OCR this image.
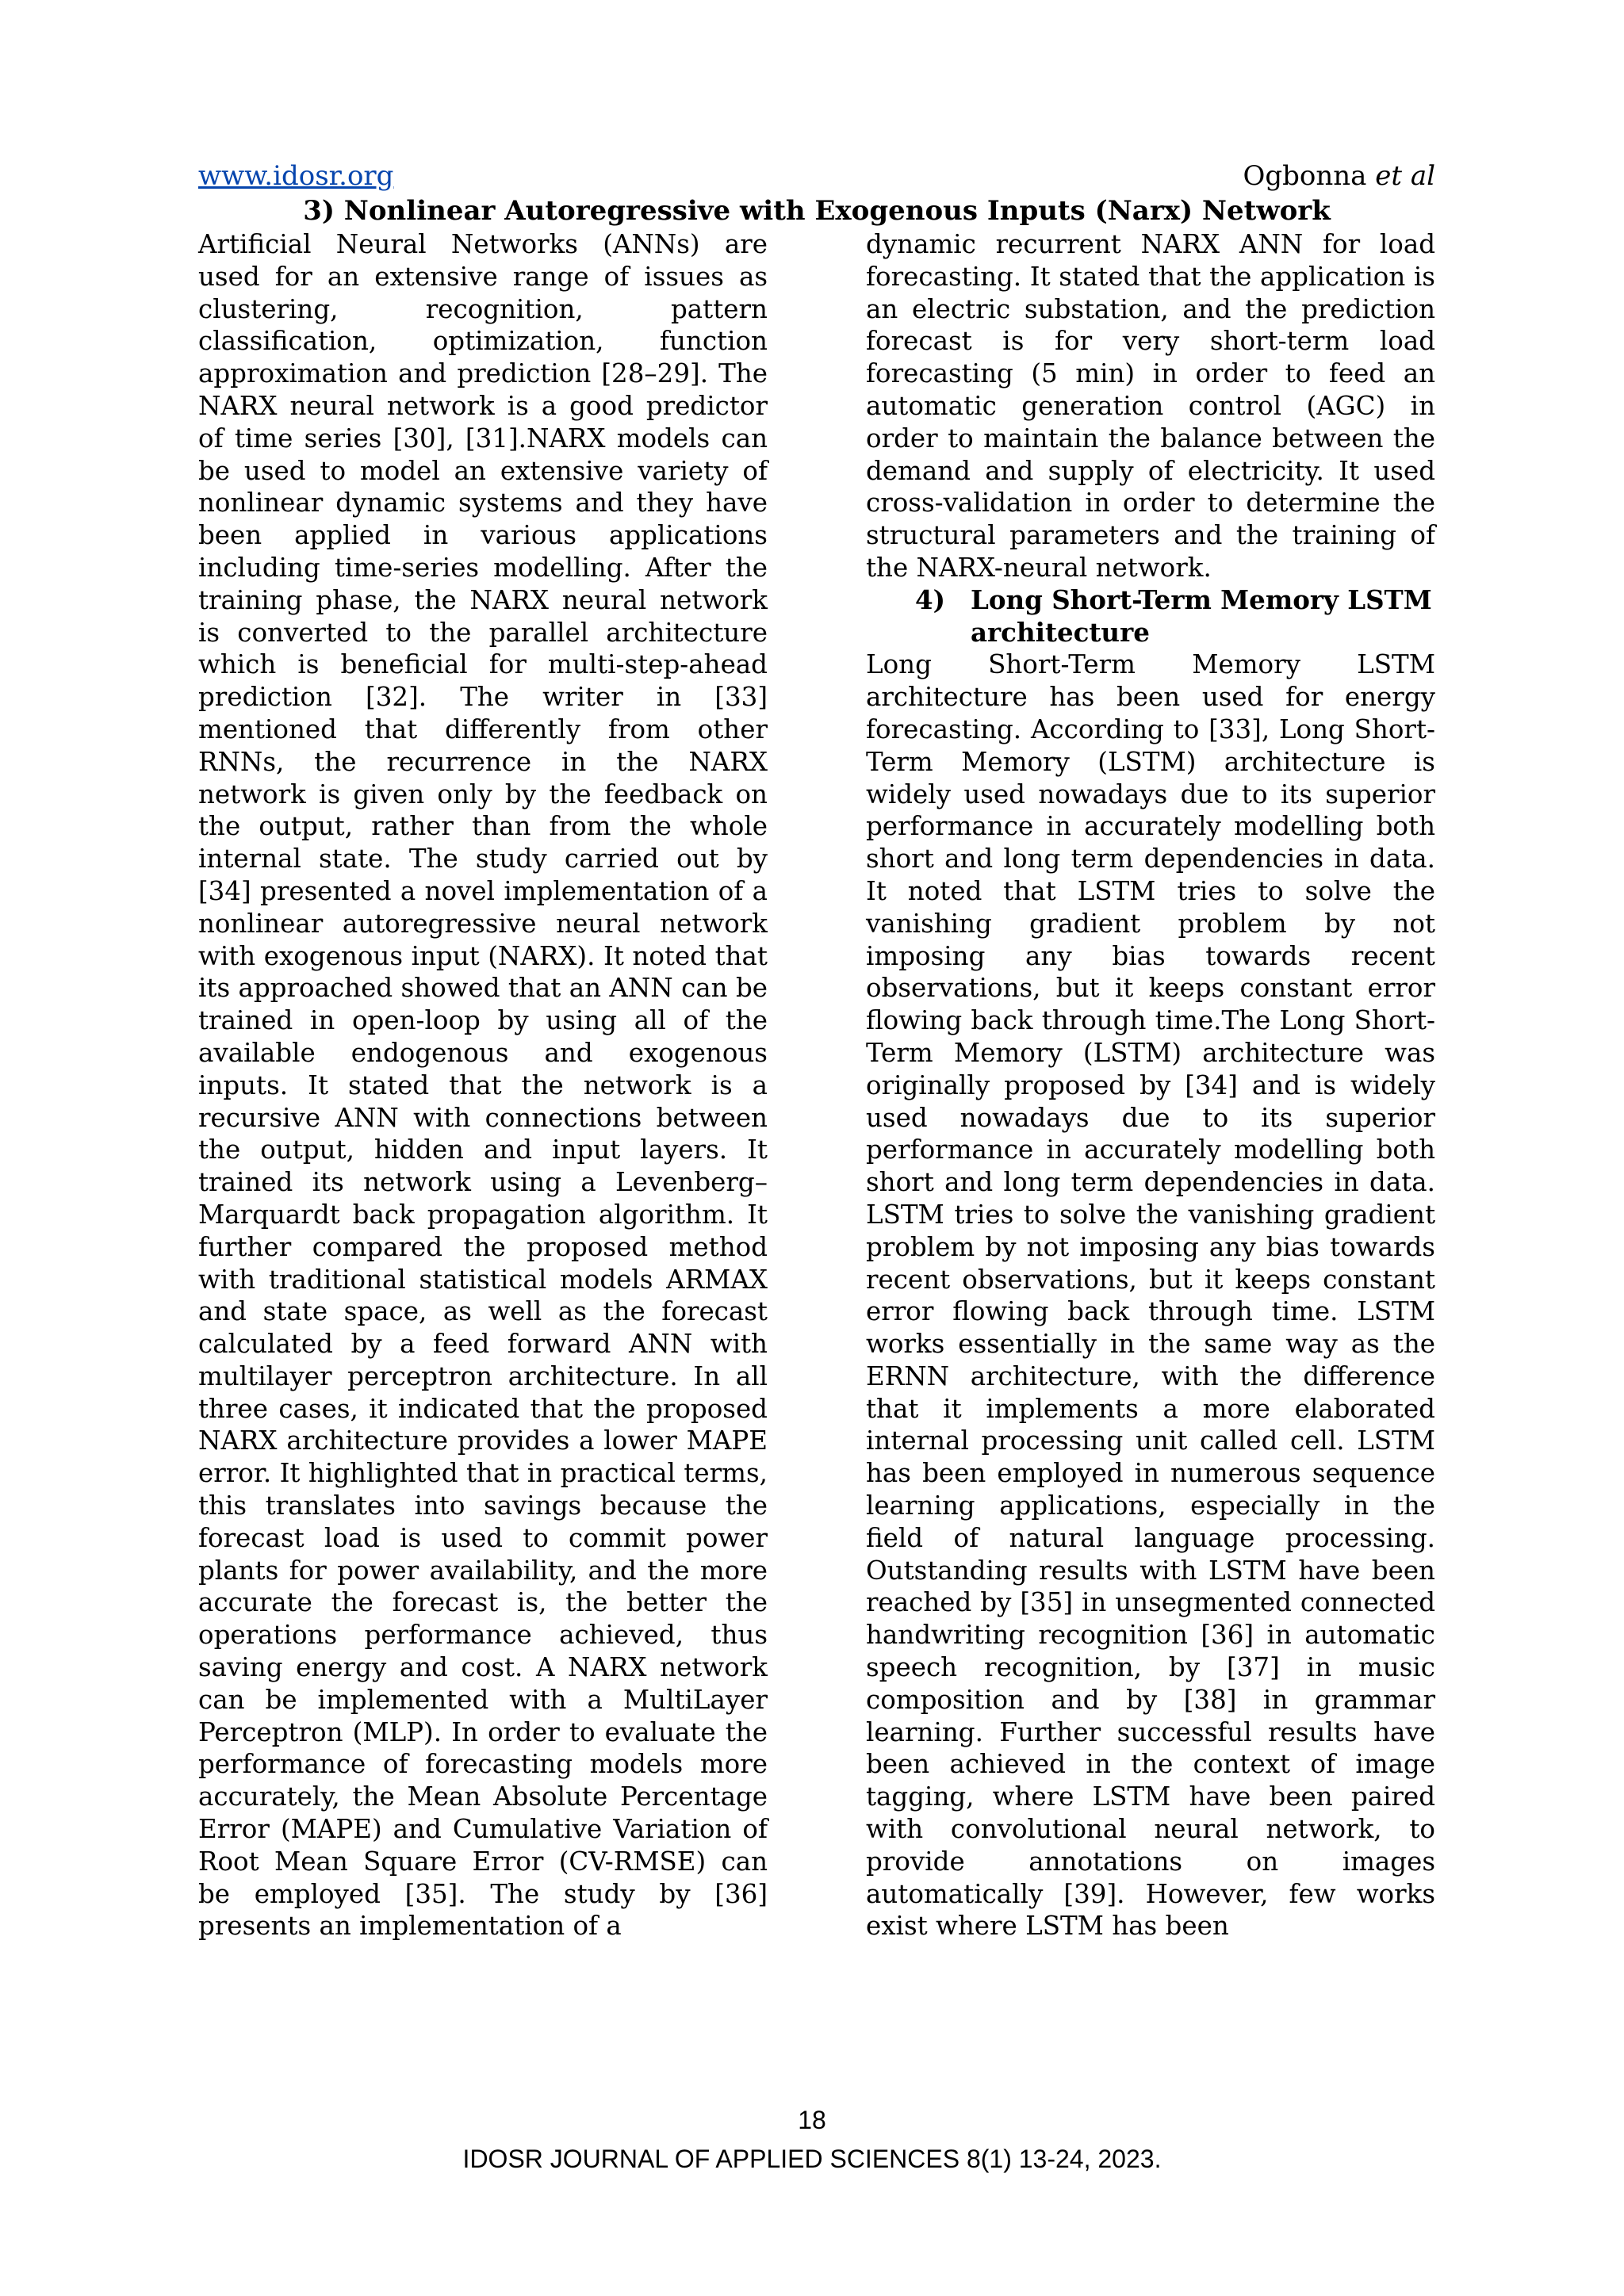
www.idosr.org	Ogbonna et al
3) Nonlinear Autoregressive with Exogenous Inputs (Narx) Network

Artificial Neural Networks (ANNs) are used for an extensive range of issues as clustering, recognition, pattern classification, optimization, function approximation and prediction [28–29]. The NARX neural network is a good predictor of time series [30], [31].NARX models can be used to model an extensive variety of nonlinear dynamic systems and they have been applied in various applications including time-series modelling. After the training phase, the NARX neural network is converted to the parallel architecture which is beneficial for multi-step-ahead prediction [32]. The writer in [33] mentioned that differently from other RNNs, the recurrence in the NARX network is given only by the feedback on the output, rather than from the whole internal state. The study carried out by [34] presented a novel implementation of a nonlinear autoregressive neural network with exogenous input (NARX). It noted that its approached showed that an ANN can be trained in open-loop by using all of the available endogenous and exogenous inputs. It stated that the network is a recursive ANN with connections between the output, hidden and input layers. It trained its network using a Levenberg–Marquardt back propagation algorithm. It further compared the proposed method with traditional statistical models ARMAX and state space, as well as the forecast calculated by a feed forward ANN with multilayer perceptron architecture. In all three cases, it indicated that the proposed NARX architecture provides a lower MAPE error. It highlighted that in practical terms, this translates into savings because the forecast load is used to commit power plants for power availability, and the more accurate the forecast is, the better the operations performance achieved, thus saving energy and cost. A NARX network can be implemented with a MultiLayer Perceptron (MLP). In order to evaluate the performance of forecasting models more accurately, the Mean Absolute Percentage Error (MAPE) and Cumulative Variation of Root Mean Square Error (CV-RMSE) can be employed [35]. The study by [36] presents an implementation of a

dynamic recurrent NARX ANN for load forecasting. It stated that the application is an electric substation, and the prediction forecast is for very short-term load forecasting (5 min) in order to feed an automatic generation control (AGC) in order to maintain the balance between the demand and supply of electricity. It used cross-validation in order to determine the structural parameters and the training of the NARX-neural network.

4) Long Short-Term Memory LSTM architecture

Long Short-Term Memory LSTM architecture has been used for energy forecasting. According to [33], Long Short-Term Memory (LSTM) architecture is widely used nowadays due to its superior performance in accurately modelling both short and long term dependencies in data. It noted that LSTM tries to solve the vanishing gradient problem by not imposing any bias towards recent observations, but it keeps constant error flowing back through time.The Long Short-Term Memory (LSTM) architecture was originally proposed by [34] and is widely used nowadays due to its superior performance in accurately modelling both short and long term dependencies in data. LSTM tries to solve the vanishing gradient problem by not imposing any bias towards recent observations, but it keeps constant error flowing back through time. LSTM works essentially in the same way as the ERNN architecture, with the difference that it implements a more elaborated internal processing unit called cell. LSTM has been employed in numerous sequence learning applications, especially in the field of natural language processing. Outstanding results with LSTM have been reached by [35] in unsegmented connected handwriting recognition [36] in automatic speech recognition, by [37] in music composition and by [38] in grammar learning. Further successful results have been achieved in the context of image tagging, where LSTM have been paired with convolutional neural network, to provide annotations on images automatically [39]. However, few works exist where LSTM has been

18
IDOSR JOURNAL OF APPLIED SCIENCES 8(1) 13-24, 2023.
